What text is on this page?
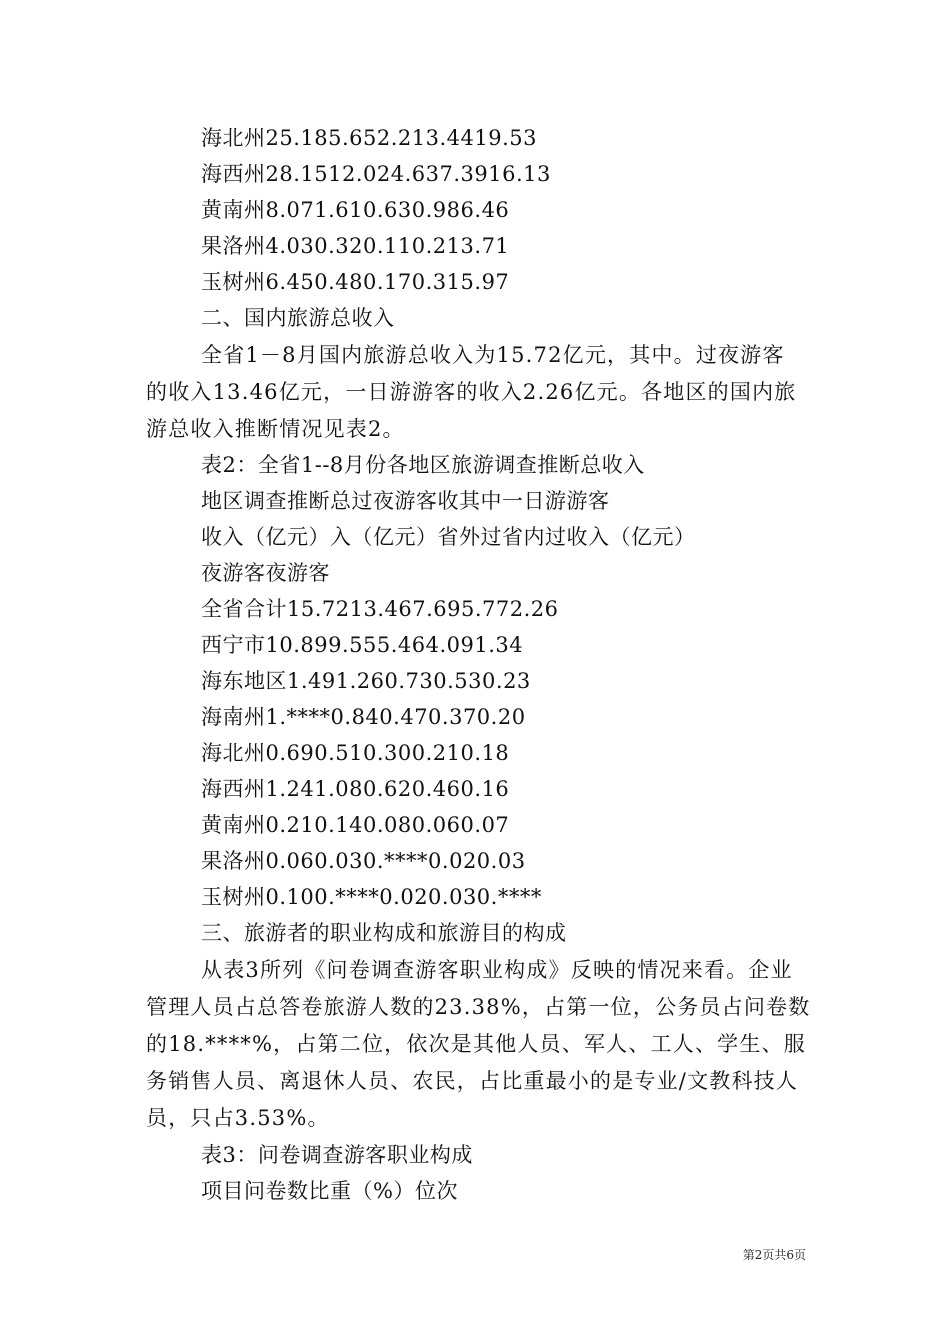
海北州25.185.652.213.4419.53
海西州28.1512.024.637.3916.13
黄南州8.071.610.630.986.46
果洛州4.030.320.110.213.71
玉树州6.450.480.170.315.97
二、国内旅游总收入
全省1－8月国内旅游总收入为15.72亿元，其中。过夜游客
的收入13.46亿元，一日游游客的收入2.26亿元。各地区的国内旅
游总收入推断情况见表2。
表2：全省1--8月份各地区旅游调查推断总收入
地区调查推断总过夜游客收其中一日游游客
收入（亿元）入（亿元）省外过省内过收入（亿元）
夜游客夜游客
全省合计15.7213.467.695.772.26
西宁市10.899.555.464.091.34
海东地区1.491.260.730.530.23
海南州1.****0.840.470.370.20
海北州0.690.510.300.210.18
海西州1.241.080.620.460.16
黄南州0.210.140.080.060.07
果洛州0.060.030.****0.020.03
玉树州0.100.****0.020.030.****
三、旅游者的职业构成和旅游目的构成
从表3所列《问卷调查游客职业构成》反映的情况来看。企业
管理人员占总答卷旅游人数的23.38%，占第一位，公务员占问卷数
的18.****%，占第二位，依次是其他人员、军人、工人、学生、服
务销售人员、离退休人员、农民，占比重最小的是专业/文教科技人
员，只占3.53%。
表3：问卷调查游客职业构成
项目问卷数比重（%）位次
第2页共6页
